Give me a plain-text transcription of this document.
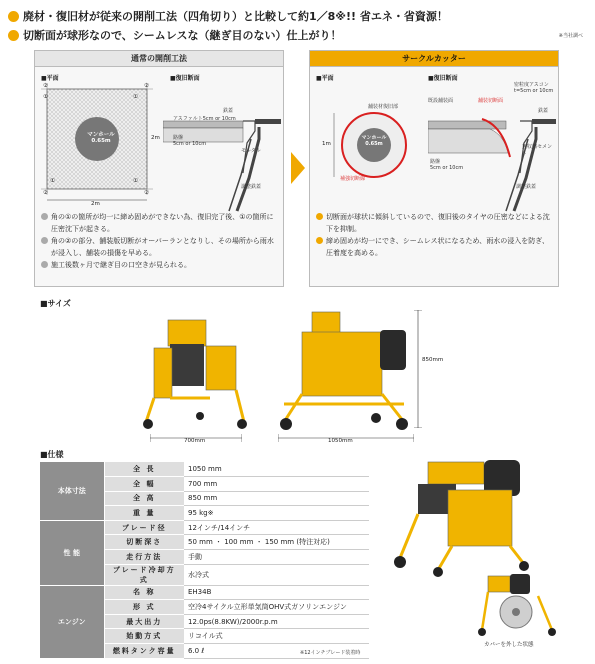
廃材・復旧材が従来の開削工法（四角切り）と比較して約1／8※!! 省エネ・省資源！
切断面が球形なので、シームレスな（継ぎ目のない）仕上がり！	※当社調べ
通常の開削工法
■平面	■復旧断面
マンホール
0.65m
②
①
②
①
①
②
①
②
2m
2m
鉄蓋
アスファルト5cm or 10cm
路盤
5cm or 10cm
モルタル
調整鉄蓋
角の①の箇所が均一に締め固めができない為、復旧完了後、①の箇所に圧密沈下が起きる。
角の②の部分、舗装版切断がオーバーランとなりし、その場所から雨水が浸入し、舗装の損傷を早める。
施工後数ヶ月で継ぎ目の口空きが見られる。
サークルカッター
■平面	■復旧断面
マンホール
0.65m
1m
舗装材復旧部
補強切断線
既設舗装面	舗装切断面
密粒度アスコン
t=5cm or 10cm
鉄蓋
路盤
5cm or 10cm
無収縮セメント
調整鉄蓋
切断面が球状に傾斜しているので、復旧後のタイヤの圧密などによる沈下を抑制。
締め固めが均一にでき、シームレス状になるため、雨水の浸入を防ぎ、圧着度を高める。
■サイズ
700mm	1050mm
850mm
■仕様
本体寸法	全 長	1050 mm
	全 幅	700 mm
	全 高	850 mm
	重 量	95 kg※
性 能	ブレード径	12インチ/14インチ
	切断深さ	50 mm ・ 100 mm ・ 150 mm (特注対応)
	走行方法	手動
	ブレード冷却方式	水冷式
エンジン	名 称	EH34B
	形 式	空冷4サイクル立形単気筒OHV式ガソリンエンジン
	最大出力	12.0ps(8.8KW)/2000r.p.m
	始動方式	リコイル式
	燃料タンク容量	6.0 ℓ	※12インチブレード装着時
カバーを外した状態
